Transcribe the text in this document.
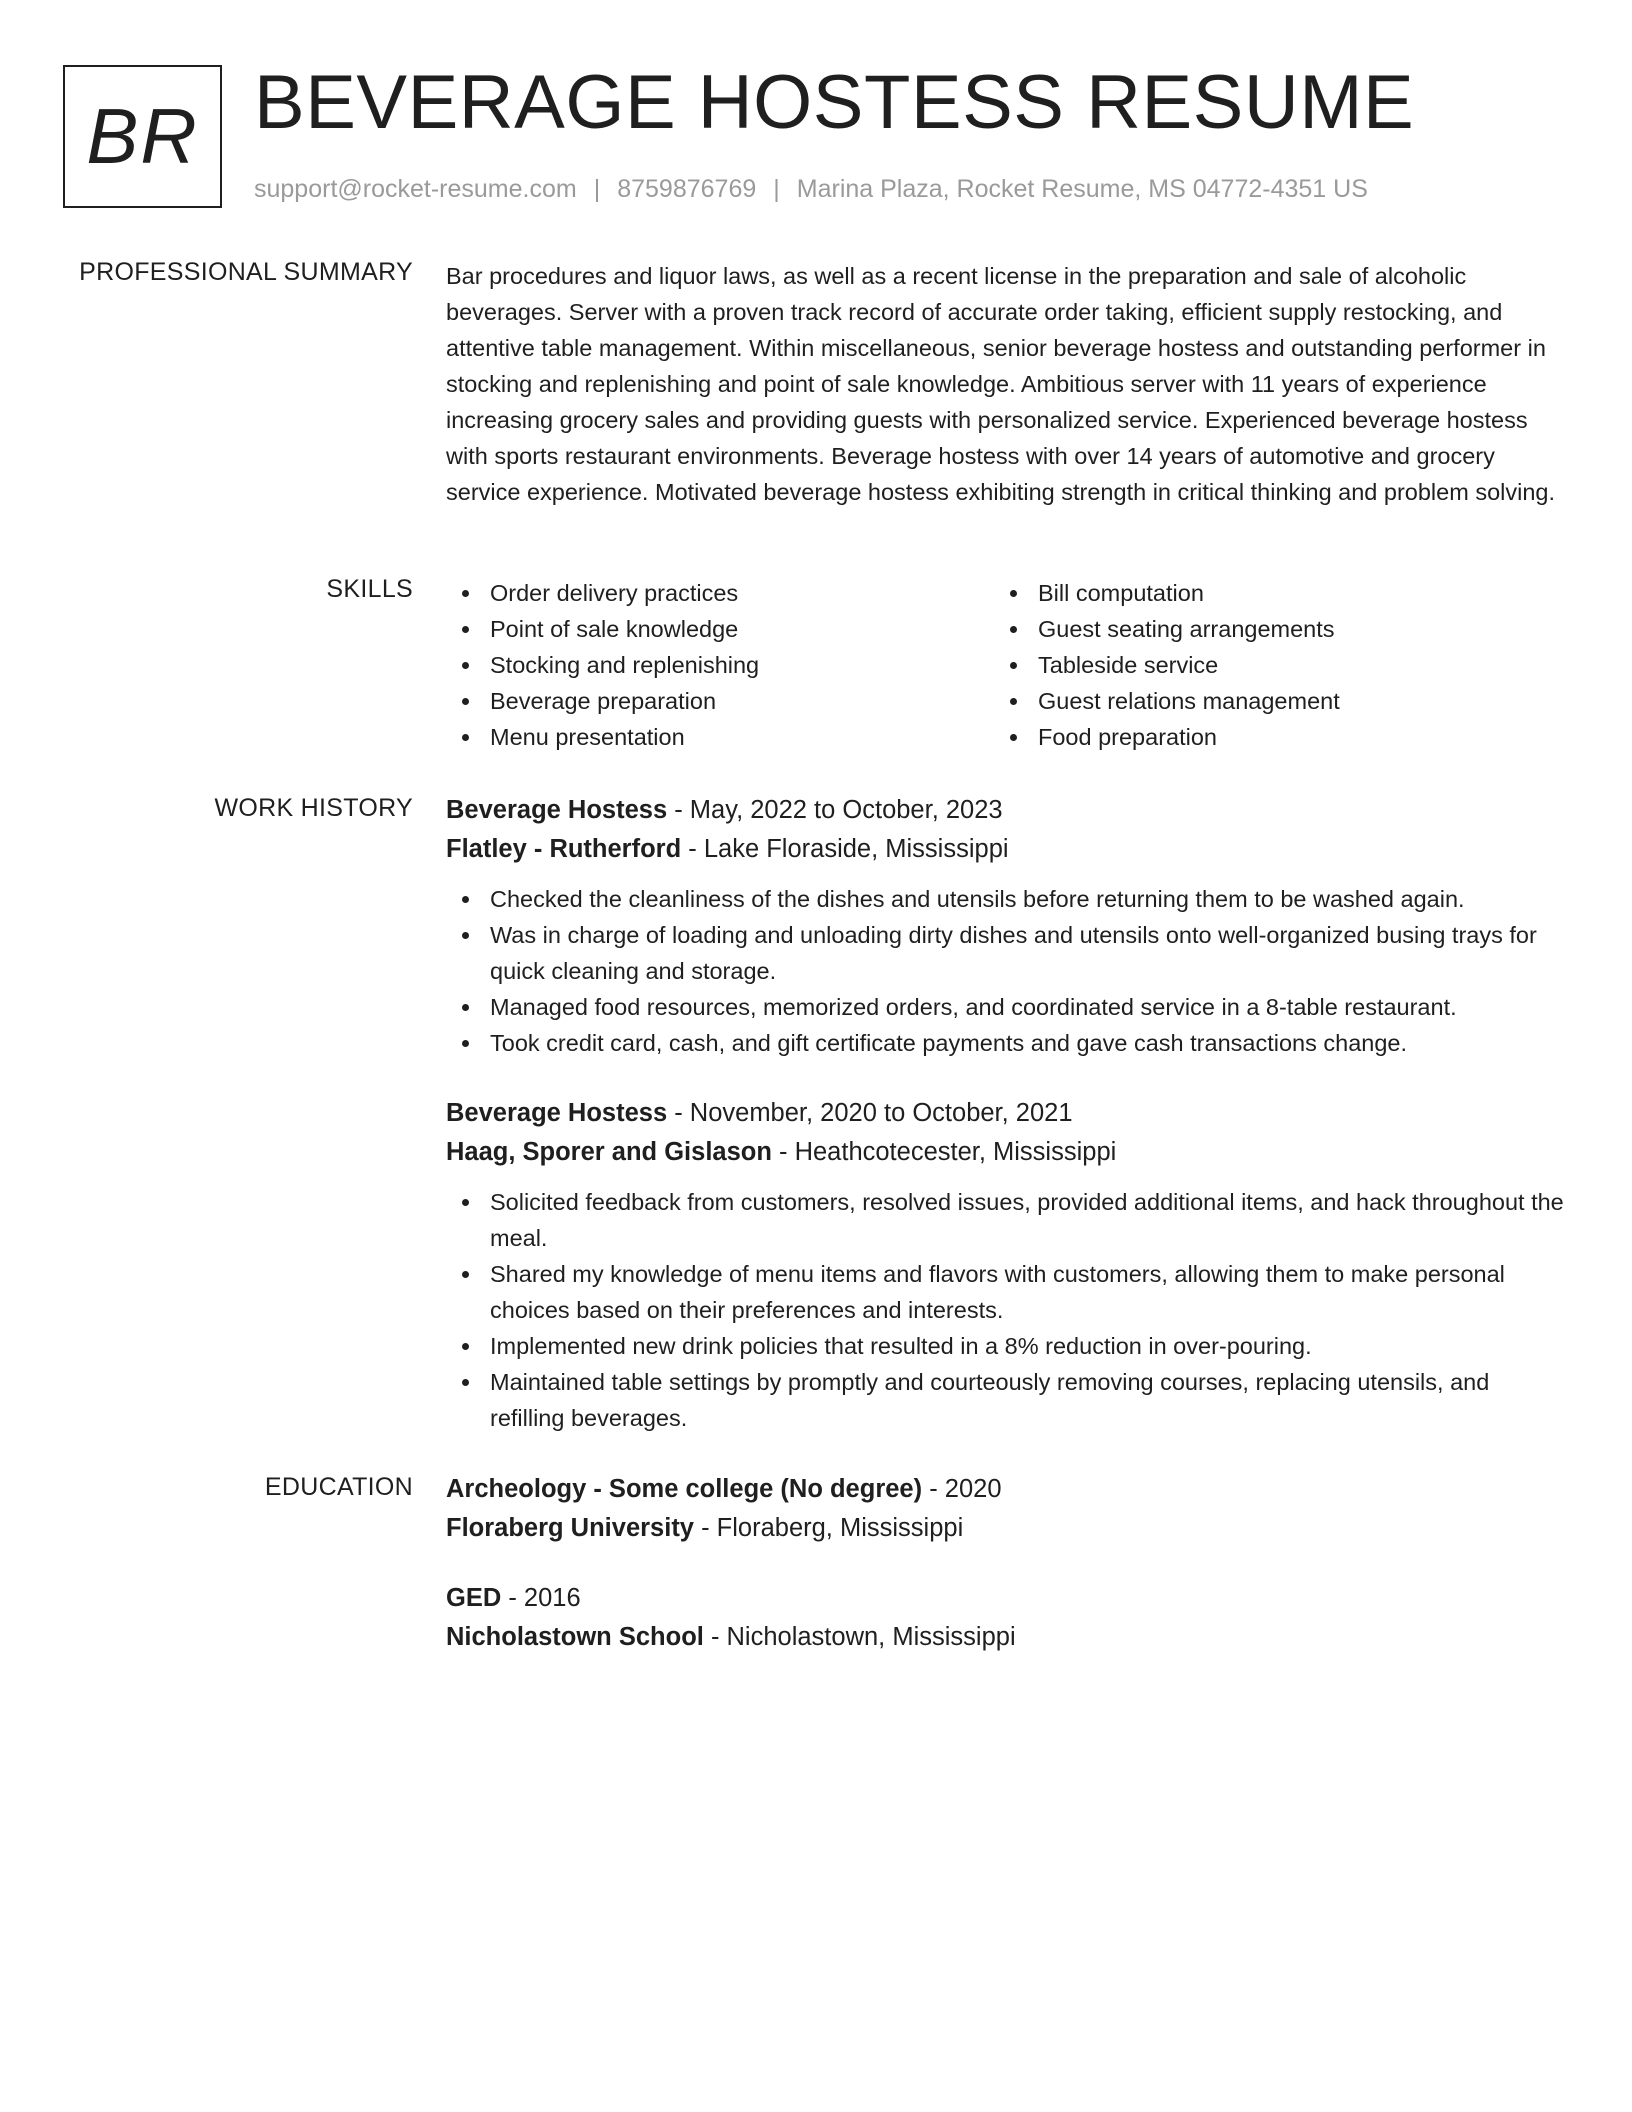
BR BEVERAGE HOSTESS RESUME
support@rocket-resume.com | 8759876769 | Marina Plaza, Rocket Resume, MS 04772-4351 US
PROFESSIONAL SUMMARY Bar procedures and liquor laws, as well as a recent license in the preparation and sale of alcoholic beverages. Server with a proven track record of accurate order taking, efficient supply restocking, and attentive table management. Within miscellaneous, senior beverage hostess and outstanding performer in stocking and replenishing and point of sale knowledge. Ambitious server with 11 years of experience increasing grocery sales and providing guests with personalized service. Experienced beverage hostess with sports restaurant environments. Beverage hostess with over 14 years of automotive and grocery service experience. Motivated beverage hostess exhibiting strength in critical thinking and problem solving.
SKILLS	Order delivery practices
Point of sale knowledge
Stocking and replenishing
Beverage preparation
Menu presentation
Bill computation
Guest seating arrangements
Tableside service
Guest relations management
Food preparation
WORK HISTORY Beverage Hostess - May, 2022 to October, 2023
Flatley - Rutherford - Lake Floraside, Mississippi
Checked the cleanliness of the dishes and utensils before returning them to be washed again.
Was in charge of loading and unloading dirty dishes and utensils onto well-organized busing trays for quick cleaning and storage.
Managed food resources, memorized orders, and coordinated service in a 8-table restaurant.
Took credit card, cash, and gift certificate payments and gave cash transactions change.
Beverage Hostess - November, 2020 to October, 2021
Haag, Sporer and Gislason - Heathcotecester, Mississippi
Solicited feedback from customers, resolved issues, provided additional items, and hack throughout the meal.
Shared my knowledge of menu items and flavors with customers, allowing them to make personal choices based on their preferences and interests.
Implemented new drink policies that resulted in a 8% reduction in over-pouring.
Maintained table settings by promptly and courteously removing courses, replacing utensils, and refilling beverages.
EDUCATION Archeology - Some college (No degree) - 2020
Floraberg University - Floraberg, Mississippi
GED - 2016
Nicholastown School - Nicholastown, Mississippi
